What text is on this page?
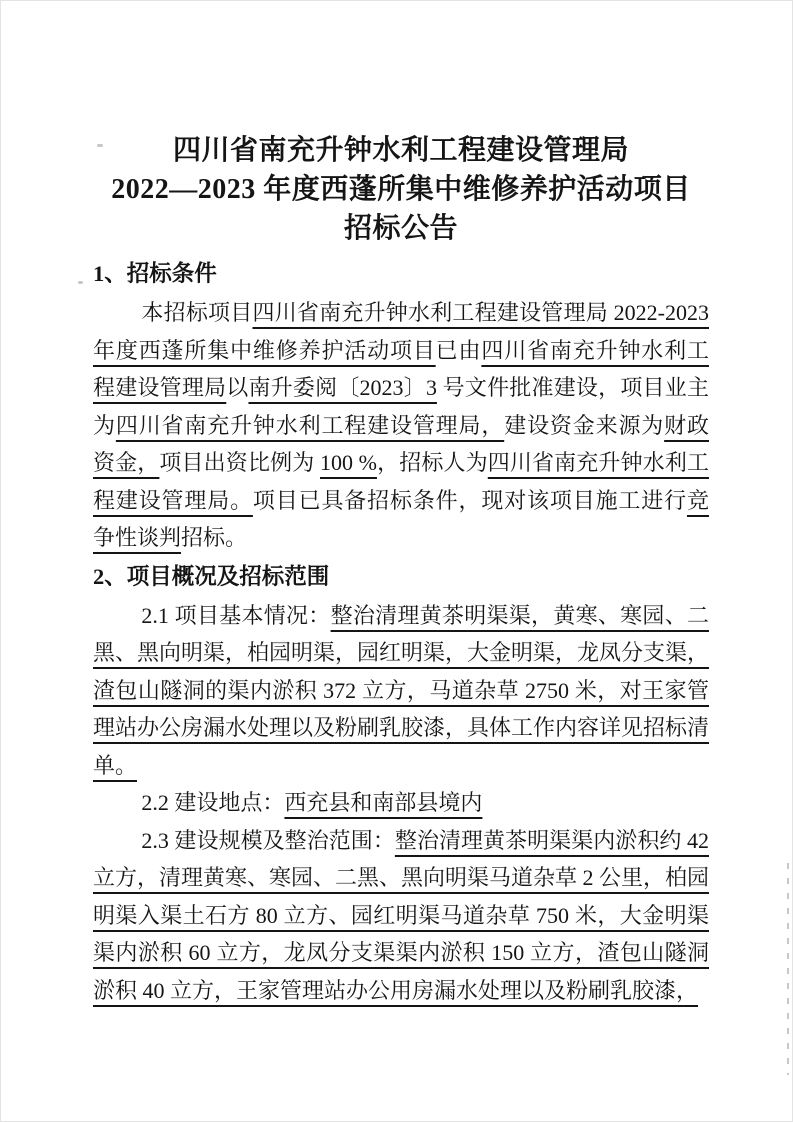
四川省南充升钟水利工程建设管理局
2022—2023 年度西蓬所集中维修养护活动项目
招标公告
1、招标条件
本招标项目四川省南充升钟水利工程建设管理局 2022-2023 年度西蓬所集中维修养护活动项目已由四川省南充升钟水利工程建设管理局以南升委阅〔2023〕3 号文件批准建设，项目业主为四川省南充升钟水利工程建设管理局，建设资金来源为财政资金，项目出资比例为 100 %，招标人为四川省南充升钟水利工程建设管理局。项目已具备招标条件，现对该项目施工进行竞争性谈判招标。
2、项目概况及招标范围
2.1 项目基本情况：整治清理黄茶明渠渠，黄寒、寒园、二黑、黑向明渠，柏园明渠，园红明渠，大金明渠，龙凤分支渠，渣包山隧洞的渠内淤积 372 立方，马道杂草 2750 米，对王家管理站办公房漏水处理以及粉刷乳胶漆，具体工作内容详见招标清单。
2.2 建设地点：西充县和南部县境内
2.3 建设规模及整治范围：整治清理黄茶明渠渠内淤积约 42 立方，清理黄寒、寒园、二黑、黑向明渠马道杂草 2 公里，柏园明渠入渠土石方 80 立方、园红明渠马道杂草 750 米，大金明渠渠内淤积 60 立方，龙凤分支渠渠内淤积 150 立方，渣包山隧洞淤积 40 立方，王家管理站办公用房漏水处理以及粉刷乳胶漆，
